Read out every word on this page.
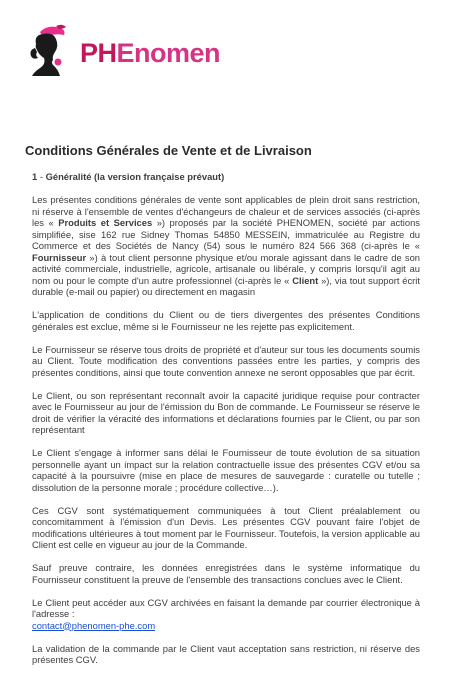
PHEnomen
Conditions Générales de Vente et de Livraison

1 - Généralité (la version française prévaut)

Les présentes conditions générales de vente sont applicables de plein droit sans restriction, ni réserve à l'ensemble de ventes d'échangeurs de chaleur et de services associés (ci-après les « Produits et Services ») proposés par la société PHENOMEN, société par actions simplifiée, sise 162 rue Sidney Thomas 54850 MESSEIN, immatriculée au Registre du Commerce et des Sociétés de Nancy (54) sous le numéro 824 566 368 (ci-après le « Fournisseur ») à tout client personne physique et/ou morale agissant dans le cadre de son activité commerciale, industrielle, agricole, artisanale ou libérale, y compris lorsqu'il agit au nom ou pour le compte d'un autre professionnel (ci-après le « Client »), via tout support écrit durable (e-mail ou papier) ou directement en magasin

L'application de conditions du Client ou de tiers divergentes des présentes Conditions générales est exclue, même si le Fournisseur ne les rejette pas explicitement.

Le Fournisseur se réserve tous droits de propriété et d'auteur sur tous les documents soumis au Client. Toute modification des conventions passées entre les parties, y compris des présentes conditions, ainsi que toute convention annexe ne seront opposables que par écrit.

Le Client, ou son représentant reconnaît avoir la capacité juridique requise pour contracter avec le Fournisseur au jour de l'émission du Bon de commande. Le Fournisseur se réserve le droit de vérifier la véracité des informations et déclarations fournies par le Client, ou par son représentant

Le Client s'engage à informer sans délai le Fournisseur de toute évolution de sa situation personnelle ayant un impact sur la relation contractuelle issue des présentes CGV et/ou sa capacité à la poursuivre (mise en place de mesures de sauvegarde : curatelle ou tutelle ; dissolution de la personne morale ; procédure collective…).

Ces CGV sont systématiquement communiquées à tout Client préalablement ou concomitamment à l'émission d'un Devis. Les présentes CGV pouvant faire l'objet de modifications ultérieures à tout moment par le Fournisseur. Toutefois, la version applicable au Client est celle en vigueur au jour de la Commande.

Sauf preuve contraire, les données enregistrées dans le système informatique du Fournisseur constituent la preuve de l'ensemble des transactions conclues avec le Client.

Le Client peut accéder aux CGV archivées en faisant la demande par courrier électronique à l'adresse :
contact@phenomen-phe.com

La validation de la commande par le Client vaut acceptation sans restriction, ni réserve des présentes CGV.
